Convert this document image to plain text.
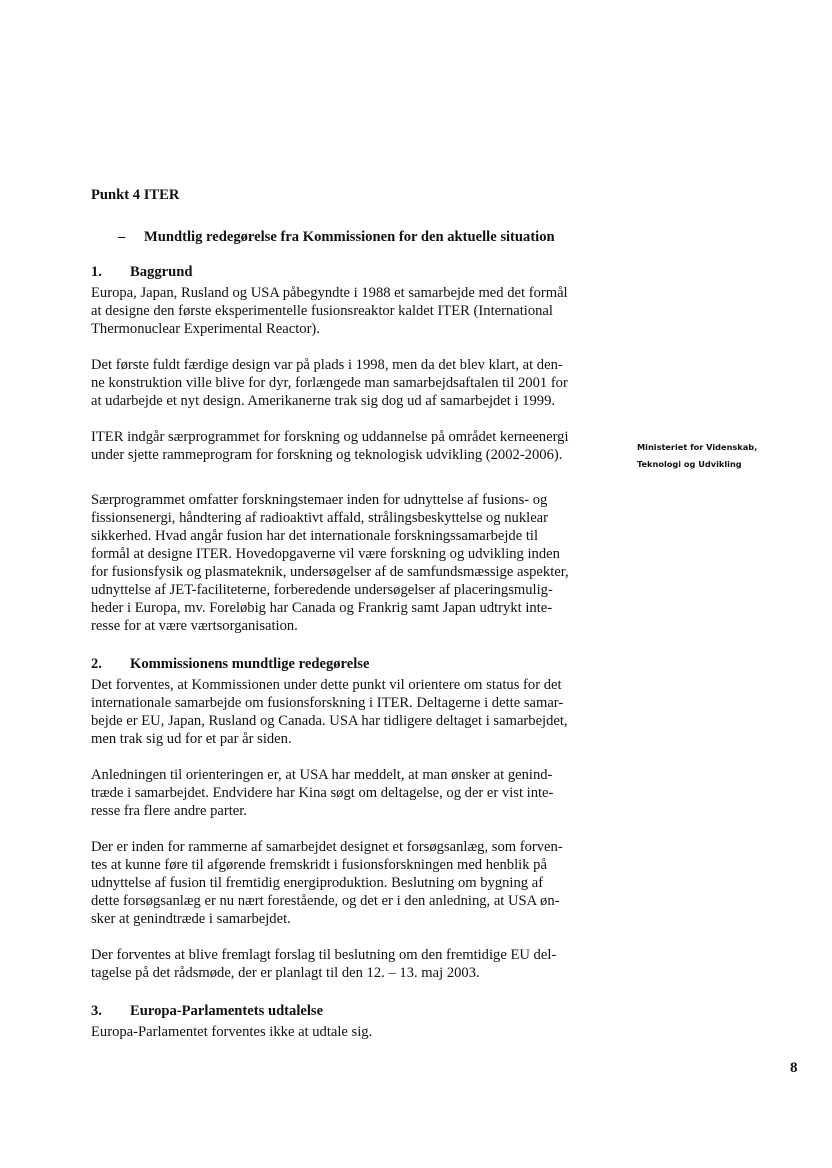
Punkt 4 ITER
– Mundtlig redegørelse fra Kommissionen for den aktuelle situation
1. Baggrund

Europa, Japan, Rusland og USA påbegyndte i 1988 et samarbejde med det formål
at designe den første eksperimentelle fusionsreaktor kaldet ITER (International
Thermonuclear Experimental Reactor).

Det første fuldt færdige design var på plads i 1998, men da det blev klart, at den-
ne konstruktion ville blive for dyr, forlængede man samarbejdsaftalen til 2001 for
at udarbejde et nyt design. Amerikanerne trak sig dog ud af samarbejdet i 1999.

ITER indgår særprogrammet for forskning og uddannelse på området kerneenergi
under sjette rammeprogram for forskning og teknologisk udvikling (2002-2006).

Særprogrammet omfatter forskningstemaer inden for udnyttelse af fusions- og
fissionsenergi, håndtering af radioaktivt affald, strålingsbeskyttelse og nuklear
sikkerhed. Hvad angår fusion har det internationale forskningssamarbejde til
formål at designe ITER. Hovedopgaverne vil være forskning og udvikling inden
for fusionsfysik og plasmateknik, undersøgelser af de samfundsmæssige aspekter,
udnyttelse af JET-faciliteterne, forberedende undersøgelser af placeringsmulig-
heder i Europa, mv. Foreløbig har Canada og Frankrig samt Japan udtrykt inte-
resse for at være værtsorganisation.

2. Kommissionens mundtlige redegørelse

Det forventes, at Kommissionen under dette punkt vil orientere om status for det
internationale samarbejde om fusionsforskning i ITER. Deltagerne i dette samar-
bejde er EU, Japan, Rusland og Canada. USA har tidligere deltaget i samarbejdet,
men trak sig ud for et par år siden.

Anledningen til orienteringen er, at USA har meddelt, at man ønsker at genind-
træde i samarbejdet. Endvidere har Kina søgt om deltagelse, og der er vist inte-
resse fra flere andre parter.

Der er inden for rammerne af samarbejdet designet et forsøgsanlæg, som forven-
tes at kunne føre til afgørende fremskridt i fusionsforskningen med henblik på
udnyttelse af fusion til fremtidig energiproduktion. Beslutning om bygning af
dette forsøgsanlæg er nu nært forestående, og det er i den anledning, at USA øn-
sker at genindtræde i samarbejdet.

Der forventes at blive fremlagt forslag til beslutning om den fremtidige EU del-
tagelse på det rådsmøde, der er planlagt til den 12. – 13. maj 2003.

3. Europa-Parlamentets udtalelse

Europa-Parlamentet forventes ikke at udtale sig.

Ministeriet for Videnskab,
Teknologi og Udvikling
8
